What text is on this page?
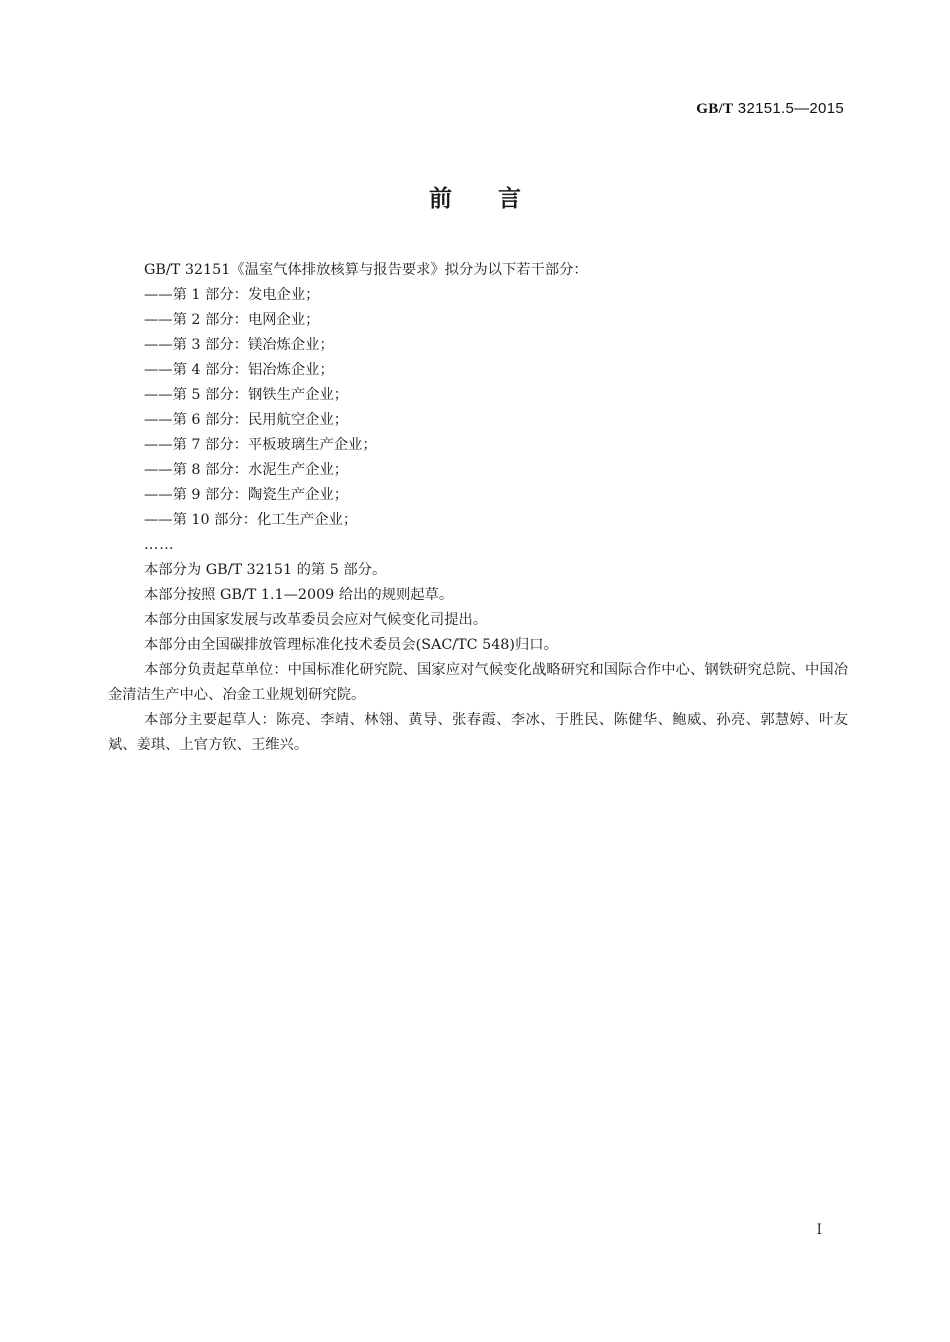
GB/T 32151.5—2015
前 言

GB/T 32151《温室气体排放核算与报告要求》拟分为以下若干部分：

——第 1 部分：发电企业；

——第 2 部分：电网企业；

——第 3 部分：镁冶炼企业；

——第 4 部分：铝冶炼企业；

——第 5 部分：钢铁生产企业；

——第 6 部分：民用航空企业；

——第 7 部分：平板玻璃生产企业；

——第 8 部分：水泥生产企业；

——第 9 部分：陶瓷生产企业；

——第 10 部分：化工生产企业；

……

本部分为 GB/T 32151 的第 5 部分。

本部分按照 GB/T 1.1—2009 给出的规则起草。

本部分由国家发展与改革委员会应对气候变化司提出。

本部分由全国碳排放管理标准化技术委员会(SAC/TC 548)归口。

本部分负责起草单位：中国标准化研究院、国家应对气候变化战略研究和国际合作中心、钢铁研究总院、中国冶金清洁生产中心、冶金工业规划研究院。

本部分主要起草人：陈亮、李靖、林翎、黄导、张春霞、李冰、于胜民、陈健华、鲍威、孙亮、郭慧婷、叶友斌、姜琪、上官方钦、王维兴。

I
